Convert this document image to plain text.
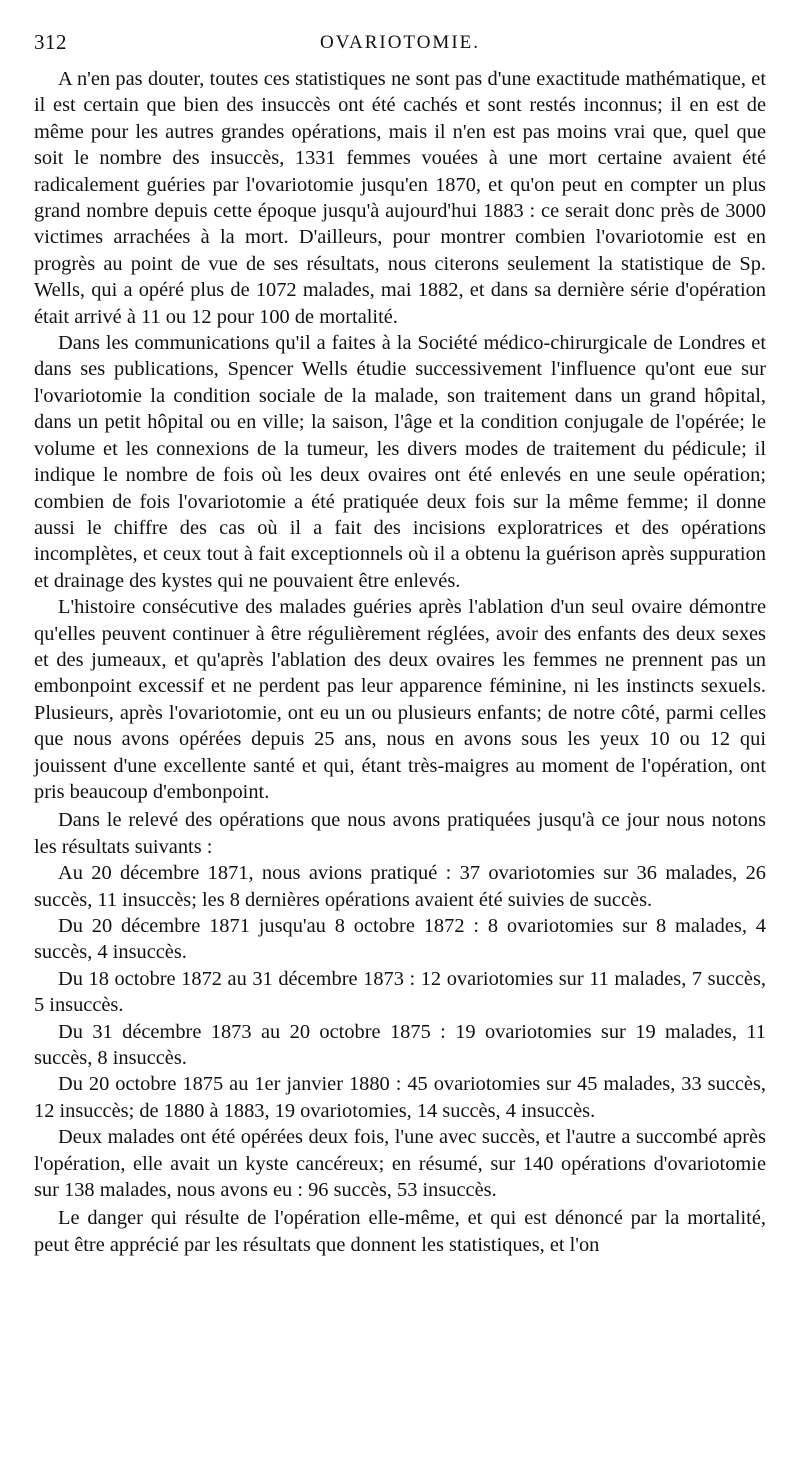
312	OVARIOTOMIE.

A n'en pas douter, toutes ces statistiques ne sont pas d'une exactitude mathématique, et il est certain que bien des insuccès ont été cachés et sont restés inconnus; il en est de même pour les autres grandes opérations, mais il n'en est pas moins vrai que, quel que soit le nombre des insuccès, 1331 femmes vouées à une mort certaine avaient été radicalement guéries par l'ovariotomie jusqu'en 1870, et qu'on peut en compter un plus grand nombre depuis cette époque jusqu'à aujourd'hui 1883 : ce serait donc près de 3000 victimes arrachées à la mort. D'ailleurs, pour montrer combien l'ovariotomie est en progrès au point de vue de ses résultats, nous citerons seulement la statistique de Sp. Wells, qui a opéré plus de 1072 malades, mai 1882, et dans sa dernière série d'opération était arrivé à 11 ou 12 pour 100 de mortalité.

Dans les communications qu'il a faites à la Société médico-chirurgicale de Londres et dans ses publications, Spencer Wells étudie successivement l'influence qu'ont eue sur l'ovariotomie la condition sociale de la malade, son traitement dans un grand hôpital, dans un petit hôpital ou en ville; la saison, l'âge et la condition conjugale de l'opérée; le volume et les connexions de la tumeur, les divers modes de traitement du pédicule; il indique le nombre de fois où les deux ovaires ont été enlevés en une seule opération; combien de fois l'ovariotomie a été pratiquée deux fois sur la même femme; il donne aussi le chiffre des cas où il a fait des incisions exploratrices et des opérations incomplètes, et ceux tout à fait exceptionnels où il a obtenu la guérison après suppuration et drainage des kystes qui ne pouvaient être enlevés.

L'histoire consécutive des malades guéries après l'ablation d'un seul ovaire démontre qu'elles peuvent continuer à être régulièrement réglées, avoir des enfants des deux sexes et des jumeaux, et qu'après l'ablation des deux ovaires les femmes ne prennent pas un embonpoint excessif et ne perdent pas leur apparence féminine, ni les instincts sexuels. Plusieurs, après l'ovariotomie, ont eu un ou plusieurs enfants; de notre côté, parmi celles que nous avons opérées depuis 25 ans, nous en avons sous les yeux 10 ou 12 qui jouissent d'une excellente santé et qui, étant très-maigres au moment de l'opération, ont pris beaucoup d'embonpoint.

Dans le relevé des opérations que nous avons pratiquées jusqu'à ce jour nous notons les résultats suivants :

Au 20 décembre 1871, nous avions pratiqué : 37 ovariotomies sur 36 malades, 26 succès, 11 insuccès; les 8 dernières opérations avaient été suivies de succès.

Du 20 décembre 1871 jusqu'au 8 octobre 1872 : 8 ovariotomies sur 8 malades, 4 succès, 4 insuccès.

Du 18 octobre 1872 au 31 décembre 1873 : 12 ovariotomies sur 11 malades, 7 succès, 5 insuccès.

Du 31 décembre 1873 au 20 octobre 1875 : 19 ovariotomies sur 19 malades, 11 succès, 8 insuccès.

Du 20 octobre 1875 au 1er janvier 1880 : 45 ovariotomies sur 45 malades, 33 succès, 12 insuccès; de 1880 à 1883, 19 ovariotomies, 14 succès, 4 insuccès.

Deux malades ont été opérées deux fois, l'une avec succès, et l'autre a succombé après l'opération, elle avait un kyste cancéreux; en résumé, sur 140 opérations d'ovariotomie sur 138 malades, nous avons eu : 96 succès, 53 insuccès.

Le danger qui résulte de l'opération elle-même, et qui est dénoncé par la mortalité, peut être apprécié par les résultats que donnent les statistiques, et l'on
